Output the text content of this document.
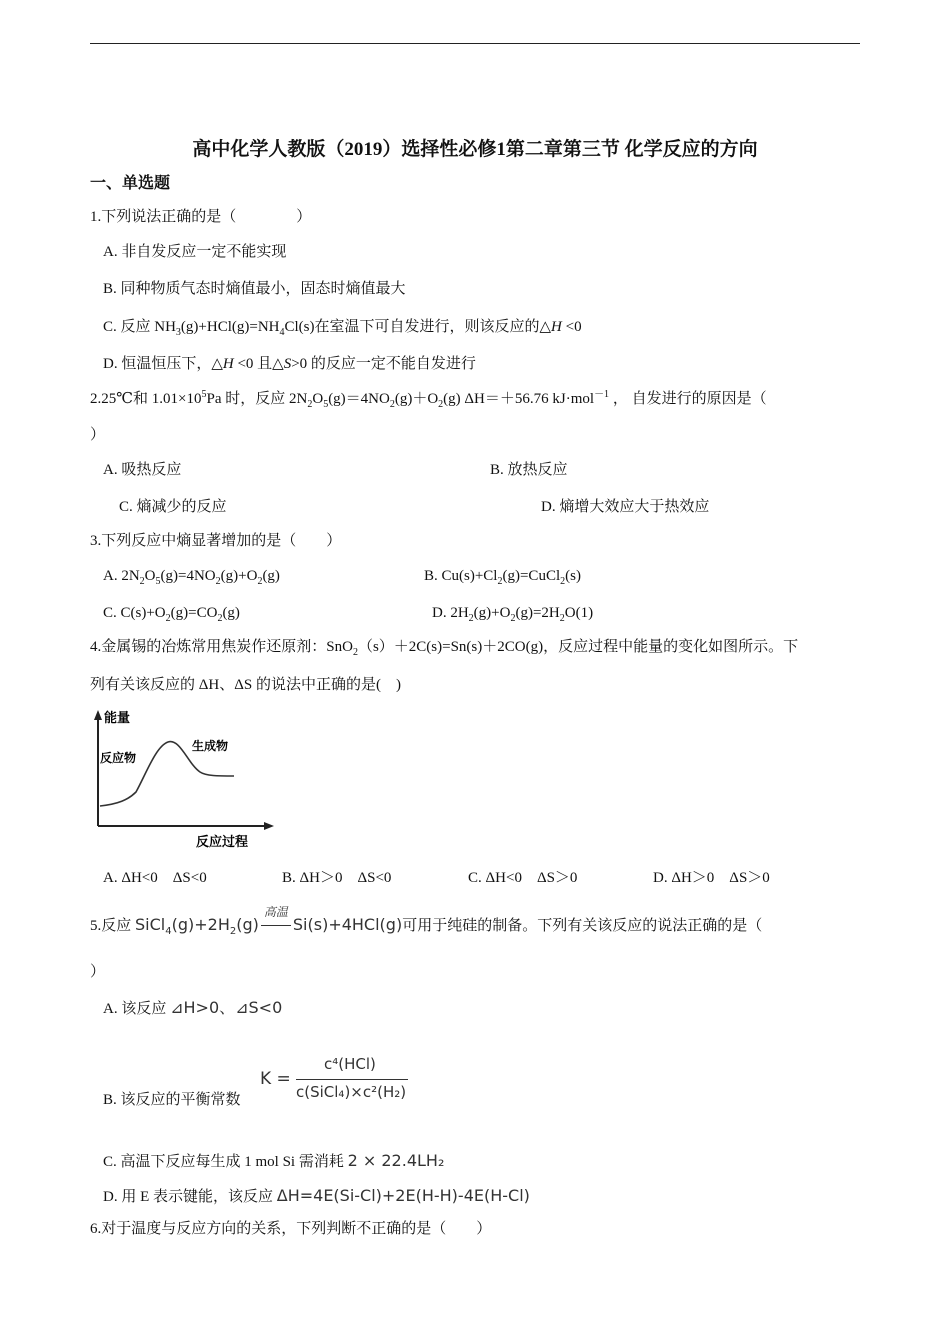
高中化学人教版（2019）选择性必修1第二章第三节 化学反应的方向
一、单选题
1.下列说法正确的是（　　　　）
A. 非自发反应一定不能实现
B. 同种物质气态时熵值最小，固态时熵值最大
C. 反应 $NH_3(g)+HCl(g)=NH_4Cl(s)$在室温下可自发进行，则该反应的△H <0
D. 恒温恒压下，△H <0 且△S>0 的反应一定不能自发进行
2.25℃和 $1.01\times 10^5Pa$ 时，反应 $2N_2O_5(g)=4NO_2(g)+O_2(g)$ ΔH＝＋56.76 kJ·mol$^{-1}$ ， 自发进行的原因是（
）
A. 吸热反应	B. 放热反应
C. 熵减少的反应	D. 熵增大效应大于热效应
3.下列反应中熵显著增加的是（　　）
A. $2N_2O_5(g)=4NO_2(g)+O_2(g)$	B. $Cu(s)+Cl_2(g)=CuCl_2(s)$
C. $C(s)+O_2(g)=CO_2(g)$	D. $2H_2(g)+O_2(g)=2H_2O(1)$
4.金属锡的冶炼常用焦炭作还原剂：SnO$_2$（s）＋2C(s)=Sn(s)＋2CO(g)，反应过程中能量的变化如图所示。下
列有关该反应的 ΔH、ΔS 的说法中正确的是(　)
能量
反应物
生成物
反应过程
A. ΔH<0　ΔS<0	B. ΔH＞0　ΔS<0	C. ΔH<0　ΔS＞0	D. ΔH＞0　ΔS＞0
5.反应 $SiCl_4(g)+2H_2(g)$
高温
Si(s)+4HCl(g)可用于纯硅的制备。下列有关该反应的说法正确的是（
）
A. 该反应 ⊿H>0、⊿S<0
B. 该反应的平衡常数
K =
c⁴(HCl)
c(SiCl₄)×c²(H₂)
C. 高温下反应每生成 1 mol Si 需消耗 2 × 22.4LH₂
D. 用 E 表示键能，该反应 ΔH=4E(Si-Cl)+2E(H-H)-4E(H-Cl)
6.对于温度与反应方向的关系，下列判断不正确的是（　　）
